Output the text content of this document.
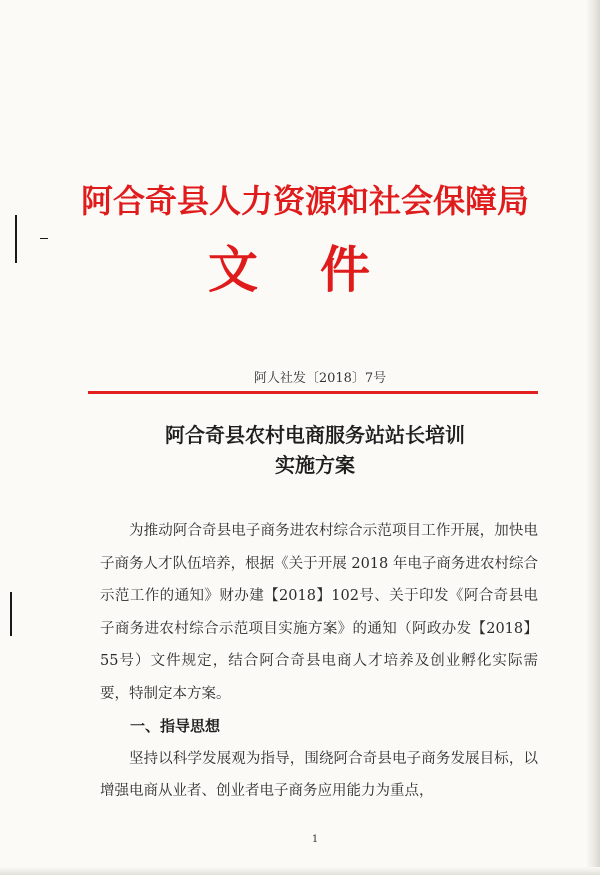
阿合奇县人力资源和社会保障局
文件
阿人社发〔2018〕7号
阿合奇县农村电商服务站站长培训
实施方案

为推动阿合奇县电子商务进农村综合示范项目工作开展，加快电子商务人才队伍培养，根据《关于开展 2018 年电子商务进农村综合示范工作的通知》财办建【2018】102号、关于印发《阿合奇县电子商务进农村综合示范项目实施方案》的通知（阿政办发【2018】55号）文件规定，结合阿合奇县电商人才培养及创业孵化实际需要，特制定本方案。

一、指导思想

坚持以科学发展观为指导，围绕阿合奇县电子商务发展目标，以增强电商从业者、创业者电子商务应用能力为重点，

1
